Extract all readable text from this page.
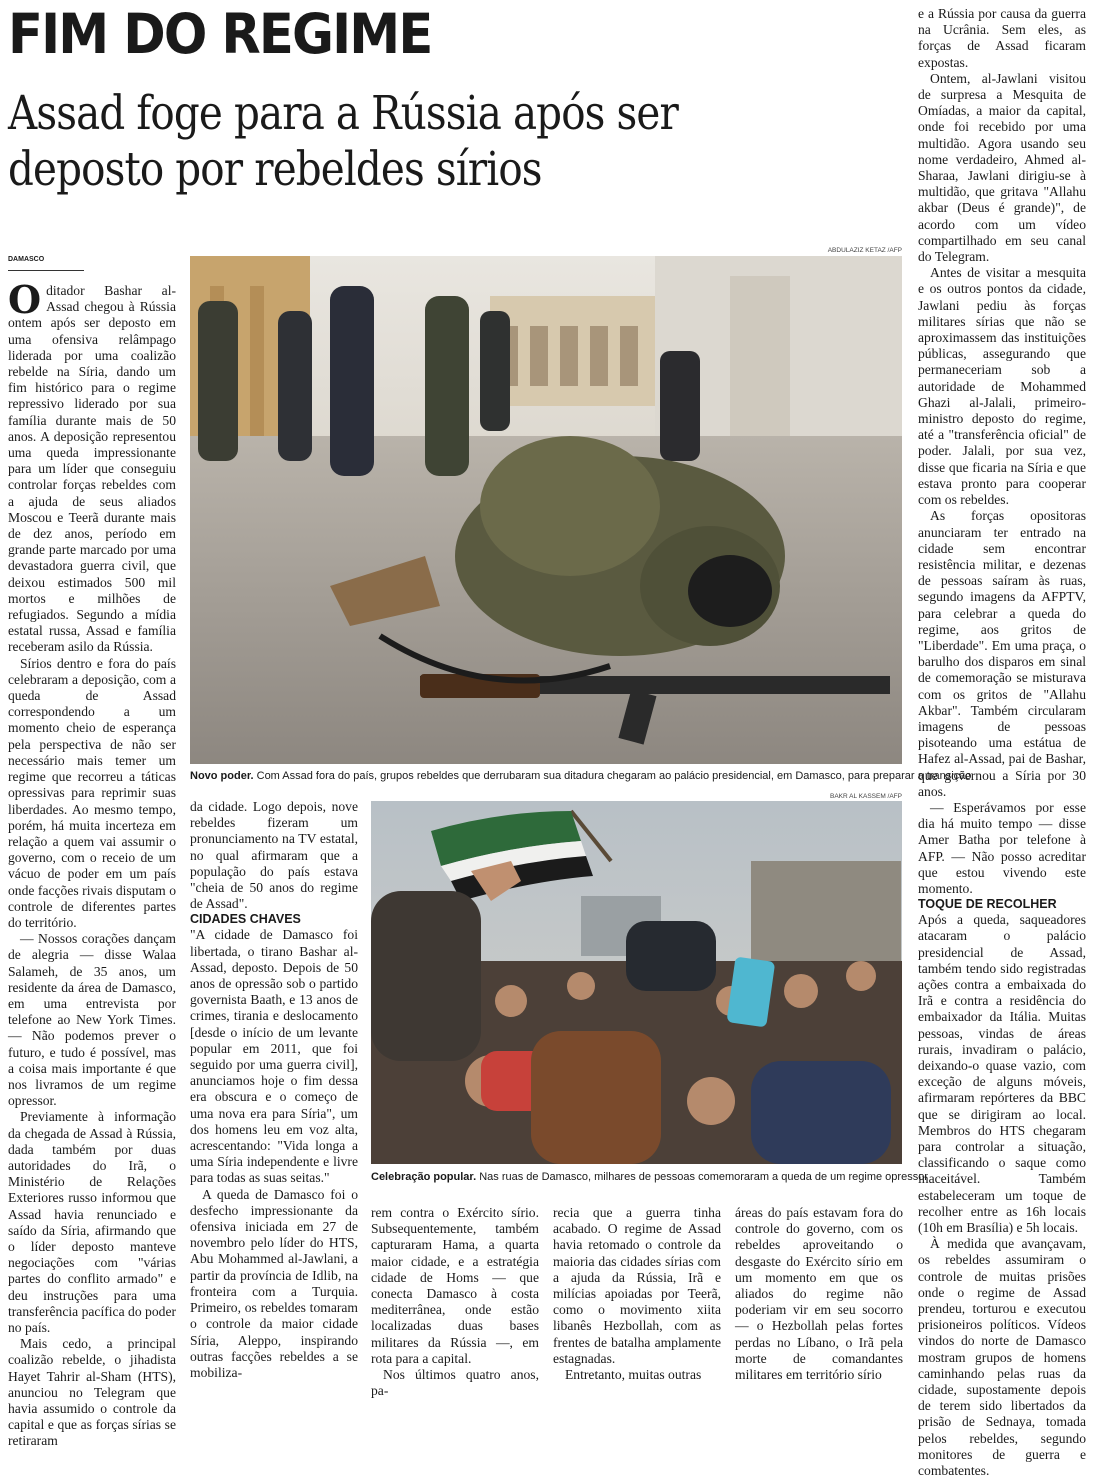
FIM DO REGIME
Assad foge para a Rússia após ser deposto por rebeldes sírios
DAMASCO

Oditador Bashar al-Assad chegou à Rússia ontem após ser deposto em uma ofensiva relâmpago liderada por uma coalizão rebelde na Síria, dando um fim histórico para o regime repressivo liderado por sua família durante mais de 50 anos. A deposição representou uma queda impressionante para um líder que conseguiu controlar forças rebeldes com a ajuda de seus aliados Moscou e Teerã durante mais de dez anos, período em grande parte marcado por uma devastadora guerra civil, que deixou estimados 500 mil mortos e milhões de refugiados. Segundo a mídia estatal russa, Assad e família receberam asilo da Rússia.

Sírios dentro e fora do país celebraram a deposição, com a queda de Assad correspondendo a um momento cheio de esperança pela perspectiva de não ser necessário mais temer um regime que recorreu a táticas opressivas para reprimir suas liberdades. Ao mesmo tempo, porém, há muita incerteza em relação a quem vai assumir o governo, com o receio de um vácuo de poder em um país onde facções rivais disputam o controle de diferentes partes do território.

— Nossos corações dançam de alegria — disse Walaa Salameh, de 35 anos, um residente da área de Damasco, em uma entrevista por telefone ao New York Times. — Não podemos prever o futuro, e tudo é possível, mas a coisa mais importante é que nos livramos de um regime opressor.

Previamente à informação da chegada de Assad à Rússia, dada também por duas autoridades do Irã, o Ministério de Relações Exteriores russo informou que Assad havia renunciado e saído da Síria, afirmando que o líder deposto manteve negociações com "várias partes do conflito armado" e deu instruções para uma transferência pacífica do poder no país.

Mais cedo, a principal coalizão rebelde, o jihadista Hayet Tahrir al-Sham (HTS), anunciou no Telegram que havia assumido o controle da capital e que as forças sírias se retiraram

ABDULAZIZ KETAZ /AFP
Novo poder. Com Assad fora do país, grupos rebeldes que derrubaram sua ditadura chegaram ao palácio presidencial, em Damasco, para preparar a transição

da cidade. Logo depois, nove rebeldes fizeram um pronunciamento na TV estatal, no qual afirmaram que a população do país estava "cheia de 50 anos do regime de Assad".

CIDADES CHAVES

"A cidade de Damasco foi libertada, o tirano Bashar al-Assad, deposto. Depois de 50 anos de opressão sob o partido governista Baath, e 13 anos de crimes, tirania e deslocamento [desde o início de um levante popular em 2011, que foi seguido por uma guerra civil], anunciamos hoje o fim dessa era obscura e o começo de uma nova era para Síria", um dos homens leu em voz alta, acrescentando: "Vida longa a uma Síria independente e livre para todas as suas seitas."

A queda de Damasco foi o desfecho impressionante da ofensiva iniciada em 27 de novembro pelo líder do HTS, Abu Mohammed al-Jawlani, a partir da província de Idlib, na fronteira com a Turquia. Primeiro, os rebeldes tomaram o controle da maior cidade Síria, Aleppo, inspirando outras facções rebeldes a se mobiliza-

BAKR AL KASSEM /AFP
Celebração popular. Nas ruas de Damasco, milhares de pessoas comemoraram a queda de um regime opressor

rem contra o Exército sírio. Subsequentemente, também capturaram Hama, a quarta maior cidade, e a estratégia cidade de Homs — que conecta Damasco à costa mediterrânea, onde estão localizadas duas bases militares da Rússia —, em rota para a capital.

Nos últimos quatro anos, pa-

recia que a guerra tinha acabado. O regime de Assad havia retomado o controle da maioria das cidades sírias com a ajuda da Rússia, Irã e milícias apoiadas por Teerã, como o movimento xiita libanês Hezbollah, com as frentes de batalha amplamente estagnadas.

Entretanto, muitas outras

áreas do país estavam fora do controle do governo, com os rebeldes aproveitando o desgaste do Exército sírio em um momento em que os aliados do regime não poderiam vir em seu socorro — o Hezbollah pelas fortes perdas no Líbano, o Irã pela morte de comandantes militares em território sírio

e a Rússia por causa da guerra na Ucrânia. Sem eles, as forças de Assad ficaram expostas.

Ontem, al-Jawlani visitou de surpresa a Mesquita de Omíadas, a maior da capital, onde foi recebido por uma multidão. Agora usando seu nome verdadeiro, Ahmed al-Sharaa, Jawlani dirigiu-se à multidão, que gritava "Allahu akbar (Deus é grande)", de acordo com um vídeo compartilhado em seu canal do Telegram.

Antes de visitar a mesquita e os outros pontos da cidade, Jawlani pediu às forças militares sírias que não se aproximassem das instituições públicas, assegurando que permaneceriam sob a autoridade de Mohammed Ghazi al-Jalali, primeiro-ministro deposto do regime, até a "transferência oficial" de poder. Jalali, por sua vez, disse que ficaria na Síria e que estava pronto para cooperar com os rebeldes.

As forças opositoras anunciaram ter entrado na cidade sem encontrar resistência militar, e dezenas de pessoas saíram às ruas, segundo imagens da AFPTV, para celebrar a queda do regime, aos gritos de "Liberdade". Em uma praça, o barulho dos disparos em sinal de comemoração se misturava com os gritos de "Allahu Akbar". Também circularam imagens de pessoas pisoteando uma estátua de Hafez al-Assad, pai de Bashar, que governou a Síria por 30 anos.

— Esperávamos por esse dia há muito tempo — disse Amer Batha por telefone à AFP. — Não posso acreditar que estou vivendo este momento.

TOQUE DE RECOLHER

Após a queda, saqueadores atacaram o palácio presidencial de Assad, também tendo sido registradas ações contra a embaixada do Irã e contra a residência do embaixador da Itália. Muitas pessoas, vindas de áreas rurais, invadiram o palácio, deixando-o quase vazio, com exceção de alguns móveis, afirmaram repórteres da BBC que se dirigiram ao local. Membros do HTS chegaram para controlar a situação, classificando o saque como inaceitável. Também estabeleceram um toque de recolher entre as 16h locais (10h em Brasília) e 5h locais.

À medida que avançavam, os rebeldes assumiram o controle de muitas prisões onde o regime de Assad prendeu, torturou e executou prisioneiros políticos. Vídeos vindos do norte de Damasco mostram grupos de homens caminhando pelas ruas da cidade, supostamente depois de terem sido libertados da prisão de Sednaya, tomada pelos rebeldes, segundo monitores de guerra e combatentes.
